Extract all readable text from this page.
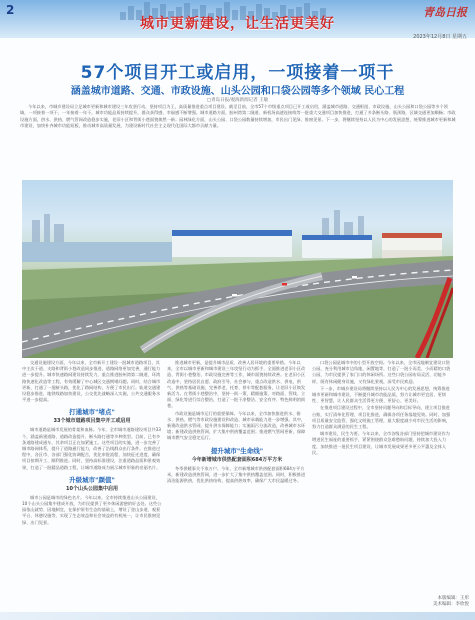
2	青岛日报
城市更新建设，让生活更美好
2023年12月8日 星期五
57个项目开工或启用，一项接着一项干
涵盖城市道路、交通、市政设施、山头公园和口袋公园等多个领域 民心工程
□青岛日报/观海新闻记者 王敏

今年以来，市城乡建设局立足城市更新和城市建设三年攻坚行动，坚持项目为王，高质量推进重点项目建设。截至目前，全市57个市级重点项目已开工或启用，涵盖城市道路、交通枢纽、市政设施、山头公园和口袋公园等多个领域，一项接着一项干，一年接着一年干，城市功能品质持续提升，群众获得感、幸福感不断增强。城市道路方面，胶州湾第二隧道、新机场高速连接线等一批重大交通项目加快推进，打通了多条断头路、瓶颈路，区域交通更加顺畅；市政设施方面，供水、供热、燃气管网改造稳步实施，老旧小区和背街小巷面貌焕然一新；园林绿化方面，山头公园、口袋公园数量持续增加，市民出门见绿、推窗见景。下一步，将继续坚持以人民为中心的发展思想，统筹推进城市更新和城市建设，加快补齐城市功能短板，推动城市高质量发展，为建设新时代社会主义现代化国际大都市贡献力量。

交通设施建设方面，今年以来，全市新开工建设一批城市道路项目，其中主次干道、支路和背街小巷改造同步推进，道路网络更加完善，通行能力进一步提升。城市快速路网建设持续发力，重点推进胶州湾第二隧道、环湾路快速化改造等工程，有效缓解了中心城区交通拥堵问题。同时，结合城市更新，打通了一批断头路，优化了路网结构，方便了市民出行。轨道交通建设稳步推进，地铁线路加快建设，公交优先战略深入实施，公共交通服务水平进一步提高。

打通城市"堵点"
33个城市道路项目集中开工或启用

城市道路是城市发展的骨架和血脉。今年，全市城市道路建设项目共33个，涵盖新建道路、道路改造提升、断头路打通等多种类型。目前，已有多条道路建成通车，其余项目正在加紧施工。这些项目的实施，进一步完善了城市路网体系，提升了道路通行能力，改善了沿线群众出行条件。在推进过程中，各区市、各部门强化协调配合，优化审批流程，加快征迁进度，确保项目按期开工、顺利推进。同时，坚持高标准建设，注重道路品质和景观效果，打造了一批精品道路工程，让城市道路成为展示城市形象的亮丽名片。

升级城市"颜值"
10个山头公园集中启用

城市公园是城市的绿色名片。今年以来，全市持续推进山头公园建设，10个山头公园集中建成开放，为市民提供了更多休闲游憩的好去处。这些公园依山就势、因地制宜，在保护原有生态的基础上，增设了登山步道、观景平台、休憩设施等，实现了生态效益和社会效益的有机统一，让市民推窗见绿、出门见景。

推进城市更新，是提升城市品质、改善人居环境的重要举措。今年以来，全市以城市更新和城市建设三年攻坚行动为抓手，全面推进老旧小区改造、背街小巷整治、市政设施完善等工作，城市面貌持续改善。在老旧小区改造中，坚持居民自愿、政府引导、社会参与，重点改造供水、供电、供气、供热等基础设施，完善养老、托育、停车等配套服务，让老旧小区焕发新活力。在背街小巷整治中，坚持一街一策、精细施策，对路面、管线、立面、绿化等进行综合整治，打造了一批干净整洁、安全有序、特色鲜明的街巷。

市政设施是城市运行的重要保障。今年以来，全市加快推进供水、排水、供热、燃气等市政设施建设和改造，城市承载能力进一步增强。其中，新建改造供水管网，提升供水保障能力；实施雨污分流改造，改善城市水环境；新建改造供热管网，扩大集中供热覆盖范围；推进燃气管网更新，保障城市燃气安全稳定运行。

提升城市"生命线"
今年新增城市供热配套面积684万平方米

冬季供暖事关千家万户。今年，全市新增城市供热配套面积684万平方米，新建改造供热管网，进一步扩大了集中供热覆盖范围。同时，积极推进清洁能源供热，优化供热结构，提高供热效率，确保广大市民温暖过冬。

口袋公园是城市中的小型开放空间。今年以来，全市因地制宜建设口袋公园，充分利用城市边角地、闲置地等，打造了一批小而美、小而精的口袋公园，为市民提供了家门口的休闲场所。这些口袋公园布局灵活、功能多样，既有休闲健身设施，又有绿化景观，深受市民欢迎。

下一步，市城乡建设局将继续坚持以人民为中心的发展思想，统筹推进城市更新和城市建设，不断提升城市功能品质，努力让城市更宜居、更韧性、更智慧，让人民群众生活得更方便、更舒心、更美好。

在推进项目建设过程中，全市坚持问题导向和目标导向，建立项目推进台账，实行清单化管理、项目化推进，确保各项任务落地见效。同时，加强项目质量安全监管，强化文明施工管理，最大限度减少对市民生活的影响，努力打造群众满意的民生工程。

城市建设，民生为要。今年以来，全市各级各部门坚持把城市建设作为增进民生福祉的重要抓手，紧紧围绕群众急难愁盼问题，持续加大投入力度，加快推进一批民生项目建设，让城市发展成果更多更公平惠及全体人民。

本版编辑：王彤
美术编辑：李欣悦
